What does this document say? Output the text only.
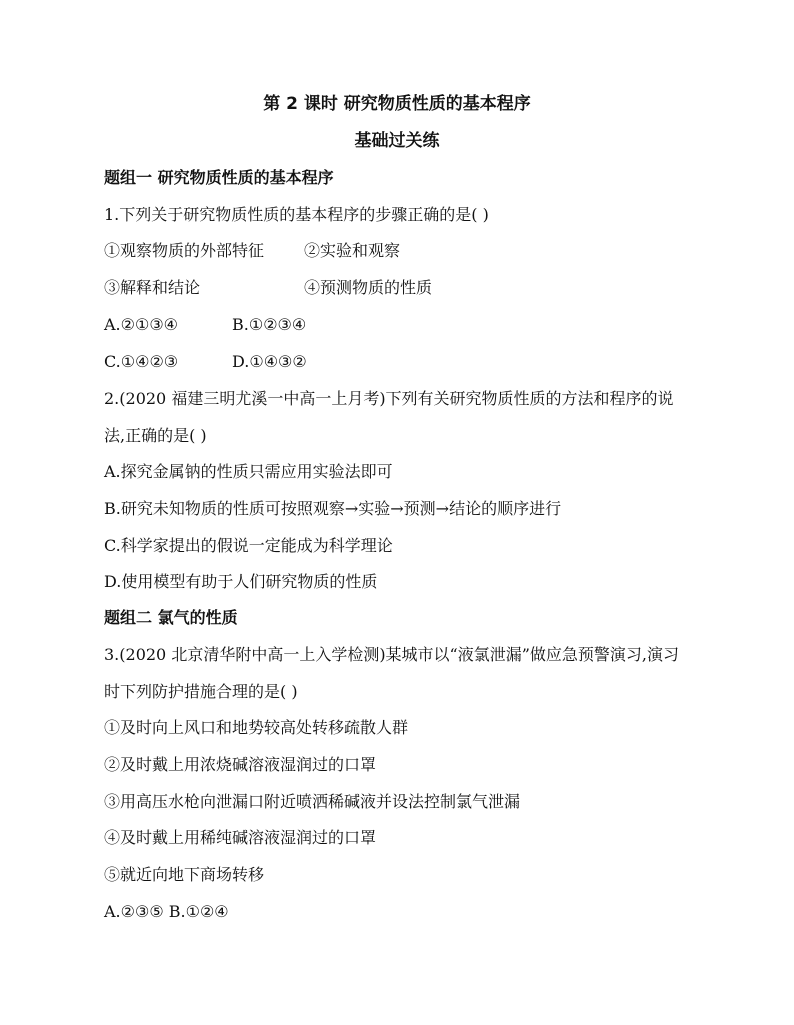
第 2 课时 研究物质性质的基本程序
基础过关练
题组一 研究物质性质的基本程序
1.下列关于研究物质性质的基本程序的步骤正确的是( )
①观察物质的外部特征 ②实验和观察
③解释和结论	④预测物质的性质
A.②①③④	B.①②③④
C.①④②③	D.①④③②
2.(2020 福建三明尤溪一中高一上月考)下列有关研究物质性质的方法和程序的说
法,正确的是( )
A.探究金属钠的性质只需应用实验法即可
B.研究未知物质的性质可按照观察→实验→预测→结论的顺序进行
C.科学家提出的假说一定能成为科学理论
D.使用模型有助于人们研究物质的性质
题组二 氯气的性质
3.(2020 北京清华附中高一上入学检测)某城市以“液氯泄漏”做应急预警演习,演习
时下列防护措施合理的是( )
①及时向上风口和地势较高处转移疏散人群
②及时戴上用浓烧碱溶液湿润过的口罩
③用高压水枪向泄漏口附近喷洒稀碱液并设法控制氯气泄漏
④及时戴上用稀纯碱溶液湿润过的口罩
⑤就近向地下商场转移
A.②③⑤ B.①②④
